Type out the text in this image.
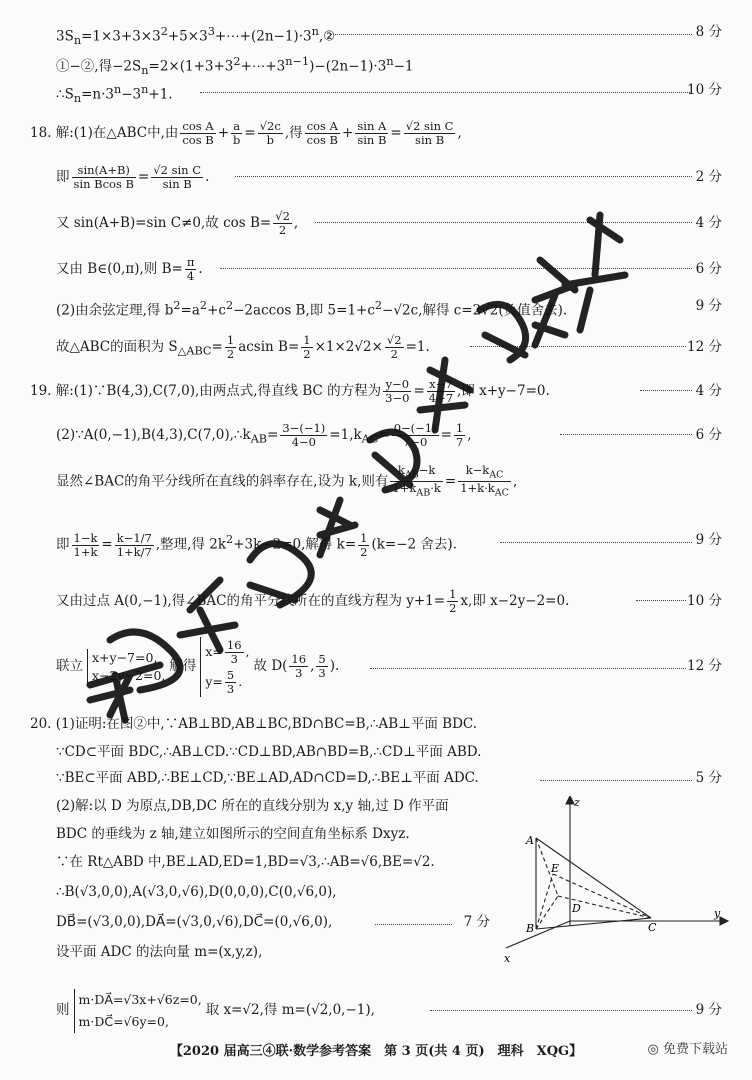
$3S_n=1\times 3+3\times 3^2+5\times 3^3+\cdots+(2n-1)\cdot 3^n,②$	8 分
①−②,得$-2S_n=2\times(1+3+3^2+\cdots+3^{n-1})-(2n-1)\cdot 3^n-1$
$\therefore S_n=n\cdot 3^n-3^n+1$.	10 分
18. 解:(1)在△ABC中,由 $\frac{\text{cos A}}{\text{cos B}} + \frac{a}{b} = \frac{√2c}{b}$ ,得 $\frac{\text{cos A}}{\text{cos B}} + \frac{\text{sin A}}{\text{sin B}} = \frac{\text{√2 sin C}}{\text{sin B}}$ ,
即 $\frac{\sin(A+B)}{\text{sin Bcos B}} = \frac{\text{√2 sin C}}{\text{sin B}}$ .	2 分
又 sin(A+B)=sin C≠0,故 $\cos B= \frac{√2}{2}$ ,	4 分
又由 B∈(0,π),则 $B= \frac{\pi}{4}$ .	6 分
(2)由余弦定理,得 $b^2=a^2+c^2-2accos$ B,即 $5=1+c^2-√2c$,解得 c=2√2(负值舍去).	9 分
故△ABC的面积为 $S_{\triangle ABC}= \frac{1}{2}$ acsin $B= \frac{1}{2} \times 1\times 2√2\times \frac{√2}{2} =1$.	12 分
19. 解:(1)∵B(4,3),C(7,0),由两点式,得直线 BC 的方程为 $\frac{y-0}{3-0} = \frac{x-7}{4-7}$ ,即 x+y−7=0.	4 分
$(2)\because A(0,-1),B(4,3),C(7,0),\therefore k_{AB}= \frac{3-(-1)}{4-0} =1,k_{AC}= \frac{0-(-1)}{7-0} = \frac{1}{7}$ ,	6 分
显然∠BAC的角平分线所在直线的斜率存在,设为 k,则有 $\frac{k_{AB}-k}{1+k_{AB}\cdot k} = \frac{k-k_{AC}}{1+k\cdot k_{AC}}$ ,
即 $\frac{1-k}{1+k} = \frac{k-1/7}{1+k/7}$ ,整理,得 $2k^2+3k-2=0$,解得 $k= \frac{1}{2} (k=-2$ 舍去).	9 分
又由过点 A(0,−1),得∠BAC的角平分线所在的直线方程为 $y+1= \frac{1}{2} x$,即 x−2y−2=0.	10 分
联立x+y−7=0,
x−2y−2=0,解得$x= \frac{16}{3}$ ,
$y= \frac{5}{3}$ .故 $D( \frac{16}{3}$ , $\frac{5}{3}$ ).	12 分
20. (1)证明:在图②中,∵AB⊥BD,AB⊥BC,BD∩BC=B,∴AB⊥平面 BDC.
∵CD⊂平面 BDC,∴AB⊥CD.∵CD⊥BD,AB∩BD=B,∴CD⊥平面 ABD.
∵BE⊂平面 ABD,∴BE⊥CD,∵BE⊥AD,AD∩CD=D,∴BE⊥平面 ADC.	5 分
(2)解:以 D 为原点,DB,DC 所在的直线分别为 x,y 轴,过 D 作平面
BDC 的垂线为 z 轴,建立如图所示的空间直角坐标系 Dxyz.
∵在 Rt△ABD 中,BE⊥AD,ED=1,BD=√3,∴AB=√6,BE=√2.
∴B(√3,0,0),A(√3,0,√6),D(0,0,0),C(0,√6,0),
DB⃗=(√3,0,0),DA⃗=(√3,0,√6),DC⃗=(0,√6,0),	7 分
设平面 ADC 的法向量 m=(x,y,z),
则m·DA⃗=√3x+√6z=0,
m·DC⃗=√6y=0,取 x=√2,得 m=(√2,0,−1),	9 分
z
A
E
D
B	C
y
x
【2020 届高三④联·数学参考答案　第 3 页(共 4 页)　理科　XQG】	◎ 免费下载站
